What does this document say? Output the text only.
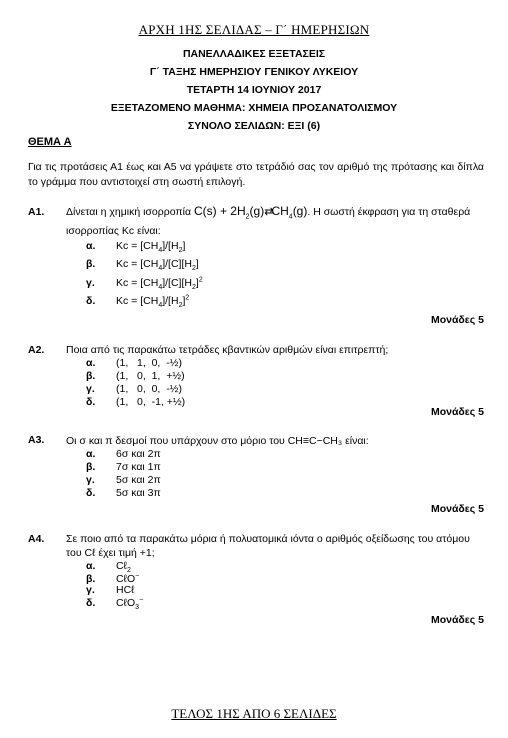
ΑΡΧΗ 1ΗΣ ΣΕΛΙΔΑΣ – Γ΄ ΗΜΕΡΗΣΙΩΝ
ΠΑΝΕΛΛΑΔΙΚΕΣ ΕΞΕΤΑΣΕΙΣ
Γ΄ ΤΑΞΗΣ ΗΜΕΡΗΣΙΟΥ ΓΕΝΙΚΟΥ ΛΥΚΕΙΟΥ
ΤΕΤΑΡΤΗ 14 ΙΟΥΝΙΟΥ 2017
ΕΞΕΤΑΖΟΜΕΝΟ ΜΑΘΗΜΑ: ΧΗΜΕΙΑ ΠΡΟΣΑΝΑΤΟΛΙΣΜΟΥ
ΣΥΝΟΛΟ ΣΕΛΙΔΩΝ: ΕΞΙ (6)
ΘΕΜΑ Α
Για τις προτάσεις Α1 έως και Α5 να γράψετε στο τετράδιό σας τον αριθμό της πρότασης και δίπλα το γράμμα που αντιστοιχεί στη σωστή επιλογή.
Α1. Δίνεται η χημική ισορροπία $C(s) + 2H_2(g)⇄CH_4(g)$. Η σωστή έκφραση για τη σταθερά ισορροπίας Kc είναι:
α. $Kc = [CH_4]/[H_2]$
β. $Kc = [CH_4]/[C][H_2]$
γ. $Kc = [CH_4]/[C][H_2]^2$
δ. $Kc = [CH_4]/[H_2]^2$
Μονάδες 5
Α2. Ποια από τις παρακάτω τετράδες κβαντικών αριθμών είναι επιτρεπτή;
α. (1,   1,  0,  -½)
β. (1,   0,  1,  +½)
γ. (1,   0,  0,  -½)
δ. (1,   0,  -1, +½)
Μονάδες 5
Α3. Οι σ και π δεσμοί που υπάρχουν στο μόριο του CH≡C−CH₃ είναι:
α. 6σ και 2π
β. 7σ και 1π
γ. 5σ και 2π
δ. 5σ και 3π
Μονάδες 5
Α4. Σε ποιο από τα παρακάτω μόρια ή πολυατομικά ιόντα ο αριθμός οξείδωσης του ατόμου του Cℓ έχει τιμή +1;
α. Cℓ$_2$
β. CℓO−
γ. HCℓ
δ. CℓO$_3$−
Μονάδες 5
ΤΕΛΟΣ 1ΗΣ ΑΠΟ 6 ΣΕΛΙΔΕΣ
